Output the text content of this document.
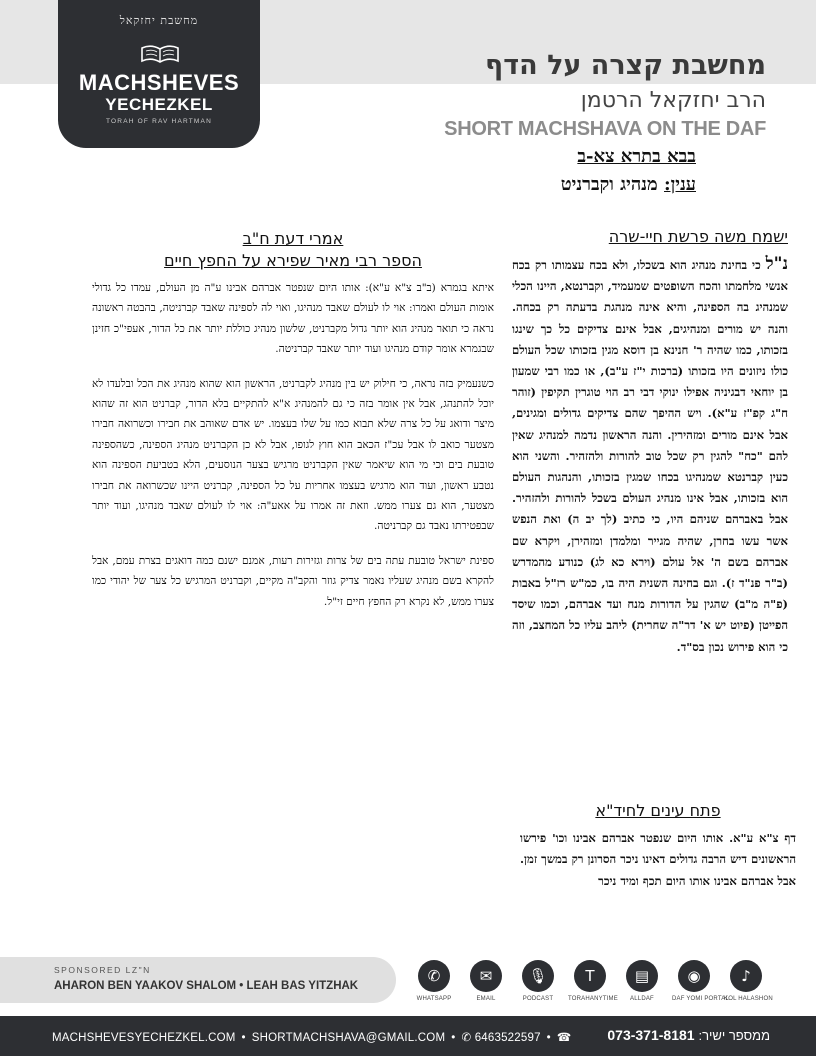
מחשבת יחזקאל
MACHSHEVES
YECHEZKEL
TORAH OF RAV HARTMAN
מחשבת קצרה על הדף
הרב יחזקאל הרטמן
SHORT MACHSHAVA ON THE DAF
בבא בתרא צא-ב
ענין: מנהיג וקברניט
ישמח משה פרשת חיי-שרה
נ"ל כי בחינת מנהיג הוא בשכלו, ולא בכח עצמותו רק בכח אנשי מלחמתו והכח השופטים שמעמיד, וקברנטא, היינו הכלי שמנהיג בה הספינה, והיא אינה מנהגת בדעתה רק בכחה. והנה יש מורים ומנהיגים, אבל אינם צדיקים כל כך שינגו בזכותו, כמו שהיה ר' חנינא בן דוסא מגין בזכותו שכל העולם כולו ניזונים היו בזכותו (ברכות י"ז ע"ב), או כמו רבי שמעון בן יוחאי דבגיניה אפילו ינוקי דבי רב הוי טוגרין תקיפין (זוהר ח"ג קפ"ז ע"א). ויש ההיפך שהם צדיקים גדולים ומגינים, אבל אינם מורים ומזהירין. והנה הראשון נדמה למנהיג שאין להם "כח" להגין רק שכל טוב להורות ולהזהיר. והשני הוא כעין קברנטא שמנהיגו בכחו שמגין בזכותו, והנהגות העולם הוא בזכותו, אבל אינו מנהיג העולם בשכל להורות ולהזהיר. אבל באברהם שניהם היו, כי כתיב (לך יב ה) ואת הנפש אשר עשו בחרן, שהיה מגייר ומלמדן ומזהירן, ויקרא שם אברהם בשם ה' אל עולם (וירא כא לג) כנודע מהמדרש (ב"ר פנ"ד ז). וגם בחינה השנית היה בו, כמ"ש רז"ל באבות (פ"ה מ"ב) שהגין על הדורות מנח ועד אברהם, וכמו שיסד הפייטן (פיוט יש א' דר"ה שחרית) ליהב עליו כל המחצב, וזה כי הוא פירוש נכון בס"ד.
אמרי דעת ח"ב
הספר רבי מאיר שפירא על החפץ חיים

איתא בגמרא (ב"ב צ"א ע"א): אותו היום שנפטר אברהם אבינו ע"ה מן העולם, עמדו כל גדולי אומות העולם ואמרו: אוי לו לעולם שאבד מנהיגו, ואוי לה לספינה שאבד קברניטה, בהבטה ראשונה נראה כי תואר מנהיג הוא יותר גדול מקברניט, שלשון מנהיג כוללת יותר את כל הדור, אעפי"כ חזינן שבגמרא אומר קודם מנהיגו ועוד יותר שאבד קברניטה.

כשנעמיק בזה נראה, כי חילוק יש בין מנהיג לקברניט, הראשון הוא שהוא מנהיג את הכל ובלעדו לא יוכל להתנהג, אבל אין אומר בזה כי גם להמנהיג א"א להתקיים בלא הדור, קברניט הוא זה שהוא מיצר ודואג על כל צרה שלא תבוא כמו על שלו בעצמו. יש אדם שאוהב את חבירו וכשרואה חבירו מצטער כואב לו אבל עכ"ז הכאב הוא חוץ לגופו, אבל לא כן הקברניט מנהיג הספינה, כשהספינה טובעת בים וכי מי הוא שיאמר שאין הקברניט מרגיש בצער הנוסעים, הלא בטביעת הספינה הוא נטבע ראשון, ועוד הוא מרגיש בעצמו אחריות על כל הספינה, קברניט היינו שכשרואה את חבירו מצטער, הוא גם צערו ממש. וזאת זה אמרו על אאע"ה: אוי לו לעולם שאבד מנהיגו, ועוד יותר שבפטירתו נאבד גם קברניטה.

ספינת ישראל טובעת עתה בים של צרות וגזירות רעות, אמנם ישנם כמה דואגים בצרת עמם, אבל להקרא בשם מנהיג שעליו נאמר צדיק גוזר והקב"ה מקיים, וקברניט המרגיש כל צער של יהודי כמו צערו ממש, לא נקרא רק החפץ חיים זי"ל.

פתח עינים לחיד"א
דף צ"א ע"א. אותו היום שנפטר אברהם אבינו וכו' פירשו הראשונים דיש הרבה גדולים דאינו ניכר הסרונן רק במשך זמן. אבל אברהם אבינו אותו היום תכף ומיד ניכר
SPONSORED LZ"N
AHARON BEN YAAKOV SHALOM • LEAH BAS YITZHAK
✆
WHATSAPP
✉
EMAIL
🎙
PODCAST
T
TORAHANYTIME
▤
ALLDAF
◉
DAF YOMI PORTAL
♪
KOL HALASHON
MACHSHEVESYECHEZKEL.COM • SHORTMACHSHAVA@GMAIL.COM • ✆ 6463522597 • ☎	ממספר ישיר: 073-371-8181
